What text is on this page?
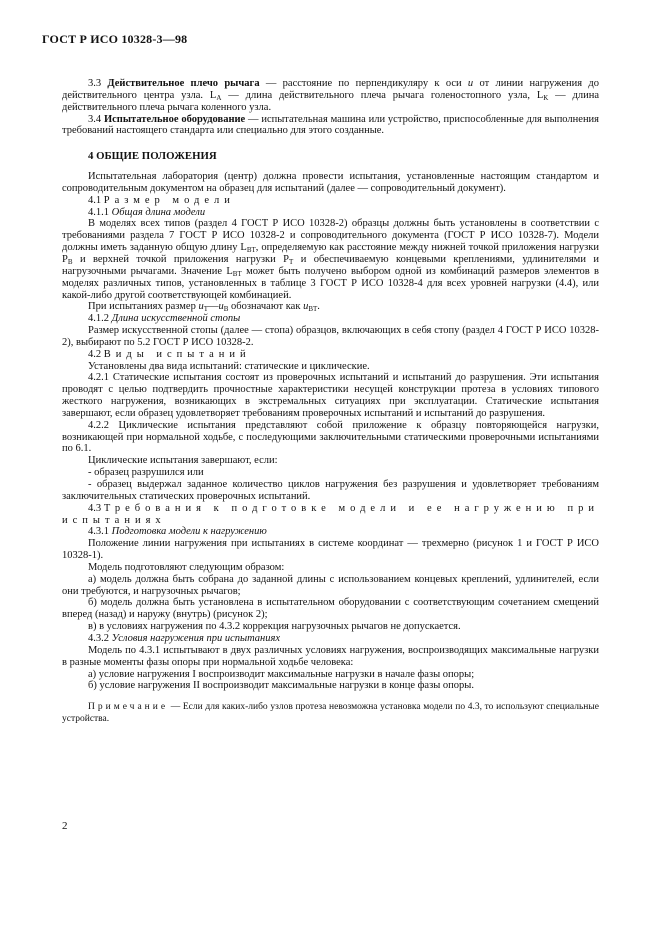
ГОСТ Р ИСО 10328-3—98

3.3 Действительное плечо рычага — расстояние по перпендикуляру к оси u от линии нагружения до действительного центра узла. $L_A$ — длина действительного плеча рычага голеностопного узла, $L_K$ — длина действительного плеча рычага коленного узла.

3.4 Испытательное оборудование — испытательная машина или устройство, приспособленные для выполнения требований настоящего стандарта или специально для этого созданные.

4 ОБЩИЕ ПОЛОЖЕНИЯ

Испытательная лаборатория (центр) должна провести испытания, установленные настоящим стандартом и сопроводительным документом на образец для испытаний (далее — сопроводительный документ).

4.1 Размер модели

4.1.1 Общая длина модели

В моделях всех типов (раздел 4 ГОСТ Р ИСО 10328-2) образцы должны быть установлены в соответствии с требованиями раздела 7 ГОСТ Р ИСО 10328-2 и сопроводительного документа (ГОСТ Р ИСО 10328-7). Модели должны иметь заданную общую длину $L_{BT}$, определяемую как расстояние между нижней точкой приложения нагрузки $P_B$ и верхней точкой приложения нагрузки $P_T$ и обеспечиваемую концевыми креплениями, удлинителями и нагрузочными рычагами. Значение $L_{BT}$ может быть получено выбором одной из комбинаций размеров элементов в моделях различных типов, установленных в таблице 3 ГОСТ Р ИСО 10328-4 для всех уровней нагрузки (4.4), или какой-либо другой соответствующей комбинацией.

При испытаниях размер $u_T—u_B$ обозначают как $u_{BT}$.

4.1.2 Длина искусственной стопы

Размер искусственной стопы (далее — стопа) образцов, включающих в себя стопу (раздел 4 ГОСТ Р ИСО 10328-2), выбирают по 5.2 ГОСТ Р ИСО 10328-2.

4.2 Виды испытаний

Установлены два вида испытаний: статические и циклические.

4.2.1 Статические испытания состоят из проверочных испытаний и испытаний до разрушения. Эти испытания проводят с целью подтвердить прочностные характеристики несущей конструкции протеза в условиях типового жесткого нагружения, возникающих в экстремальных ситуациях при эксплуатации. Статические испытания завершают, если образец удовлетворяет требованиям проверочных испытаний и испытаний до разрушения.

4.2.2 Циклические испытания представляют собой приложение к образцу повторяющейся нагрузки, возникающей при нормальной ходьбе, с последующими заключительными статическими проверочными испытаниями по 6.1.

Циклические испытания завершают, если:

- образец разрушился или

- образец выдержал заданное количество циклов нагружения без разрушения и удовлетворяет требованиям заключительных статических проверочных испытаний.

4.3 Требования к подготовке модели и ее нагружению при испытаниях

4.3.1 Подготовка модели к нагружению

Положение линии нагружения при испытаниях в системе координат — трехмерно (рисунок 1 и ГОСТ Р ИСО 10328-1).

Модель подготовляют следующим образом:

а) модель должна быть собрана до заданной длины с использованием концевых креплений, удлинителей, если они требуются, и нагрузочных рычагов;

б) модель должна быть установлена в испытательном оборудовании с соответствующим сочетанием смещений вперед (назад) и наружу (внутрь) (рисунок 2);

в) в условиях нагружения по 4.3.2 коррекция нагрузочных рычагов не допускается.

4.3.2 Условия нагружения при испытаниях

Модель по 4.3.1 испытывают в двух различных условиях нагружения, воспроизводящих максимальные нагрузки в разные моменты фазы опоры при нормальной ходьбе человека:

а) условие нагружения I воспроизводит максимальные нагрузки в начале фазы опоры;

б) условие нагружения II воспроизводит максимальные нагрузки в конце фазы опоры.

Примечание — Если для каких-либо узлов протеза невозможна установка модели по 4.3, то используют специальные устройства.

2
